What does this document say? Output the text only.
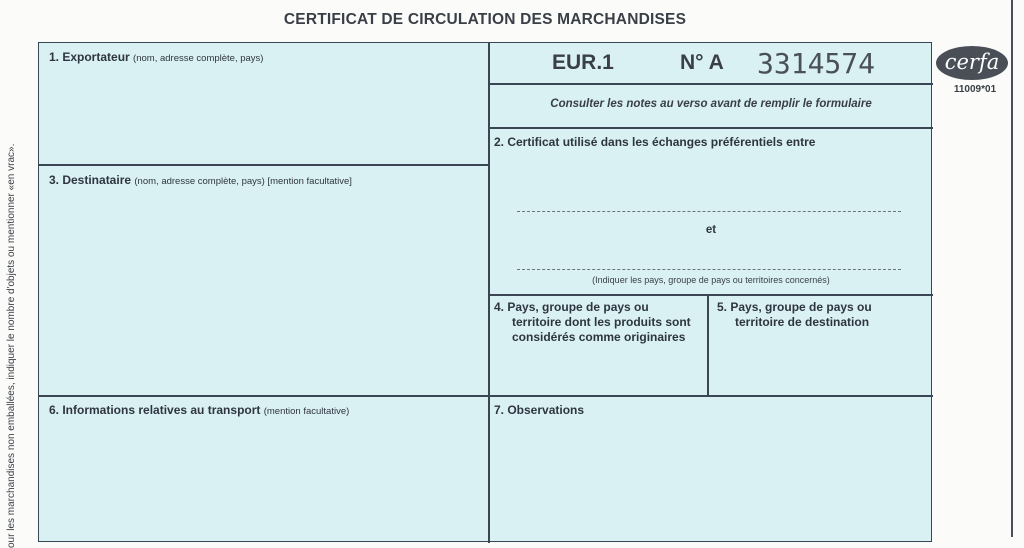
CERTIFICAT DE CIRCULATION DES MARCHANDISES
our les marchandises non emballées, indiquer le nombre d'objets ou mentionner «en vrac».
cerfa
11009*01
1. Exportateur (nom, adresse complète, pays)	EUR.1	N° A 3314574
Consulter les notes au verso avant de remplir le formulaire
2. Certificat utilisé dans les échanges préférentiels entre
et
(Indiquer les pays, groupe de pays ou territoires concernés)
3. Destinataire (nom, adresse complète, pays) [mention facultative]
4. Pays, groupe de pays ou
territoire dont les produits sont
considérés comme originaires
5. Pays, groupe de pays ou
territoire de destination
6. Informations relatives au transport (mention facultative)	7. Observations
